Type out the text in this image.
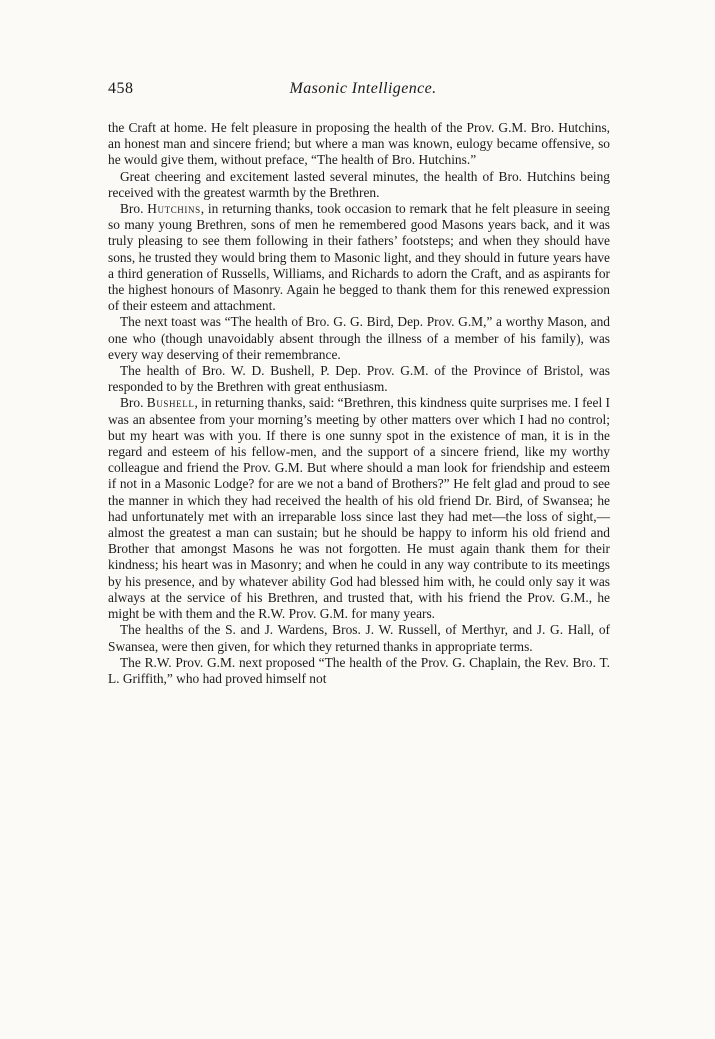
458	Masonic Intelligence.

the Craft at home. He felt pleasure in proposing the health of the Prov. G.M. Bro. Hutchins, an honest man and sincere friend; but where a man was known, eulogy became offensive, so he would give them, without preface, “The health of Bro. Hutchins.”

Great cheering and excitement lasted several minutes, the health of Bro. Hutchins being received with the greatest warmth by the Brethren.

Bro. Hutchins, in returning thanks, took occasion to remark that he felt pleasure in seeing so many young Brethren, sons of men he remembered good Masons years back, and it was truly pleasing to see them following in their fathers’ footsteps; and when they should have sons, he trusted they would bring them to Masonic light, and they should in future years have a third generation of Russells, Williams, and Richards to adorn the Craft, and as aspirants for the highest honours of Masonry. Again he begged to thank them for this renewed expression of their esteem and attachment.

The next toast was “The health of Bro. G. G. Bird, Dep. Prov. G.M,” a worthy Mason, and one who (though unavoidably absent through the illness of a member of his family), was every way deserving of their remembrance.

The health of Bro. W. D. Bushell, P. Dep. Prov. G.M. of the Province of Bristol, was responded to by the Brethren with great enthusiasm.

Bro. Bushell, in returning thanks, said: “Brethren, this kindness quite surprises me. I feel I was an absentee from your morning’s meeting by other matters over which I had no control; but my heart was with you. If there is one sunny spot in the existence of man, it is in the regard and esteem of his fellow-men, and the support of a sincere friend, like my worthy colleague and friend the Prov. G.M. But where should a man look for friendship and esteem if not in a Masonic Lodge? for are we not a band of Brothers?” He felt glad and proud to see the manner in which they had received the health of his old friend Dr. Bird, of Swansea; he had unfortunately met with an irreparable loss since last they had met—the loss of sight,—almost the greatest a man can sustain; but he should be happy to inform his old friend and Brother that amongst Masons he was not forgotten. He must again thank them for their kindness; his heart was in Masonry; and when he could in any way contribute to its meetings by his presence, and by whatever ability God had blessed him with, he could only say it was always at the service of his Brethren, and trusted that, with his friend the Prov. G.M., he might be with them and the R.W. Prov. G.M. for many years.

The healths of the S. and J. Wardens, Bros. J. W. Russell, of Merthyr, and J. G. Hall, of Swansea, were then given, for which they returned thanks in appropriate terms.

The R.W. Prov. G.M. next proposed “The health of the Prov. G. Chaplain, the Rev. Bro. T. L. Griffith,” who had proved himself not
